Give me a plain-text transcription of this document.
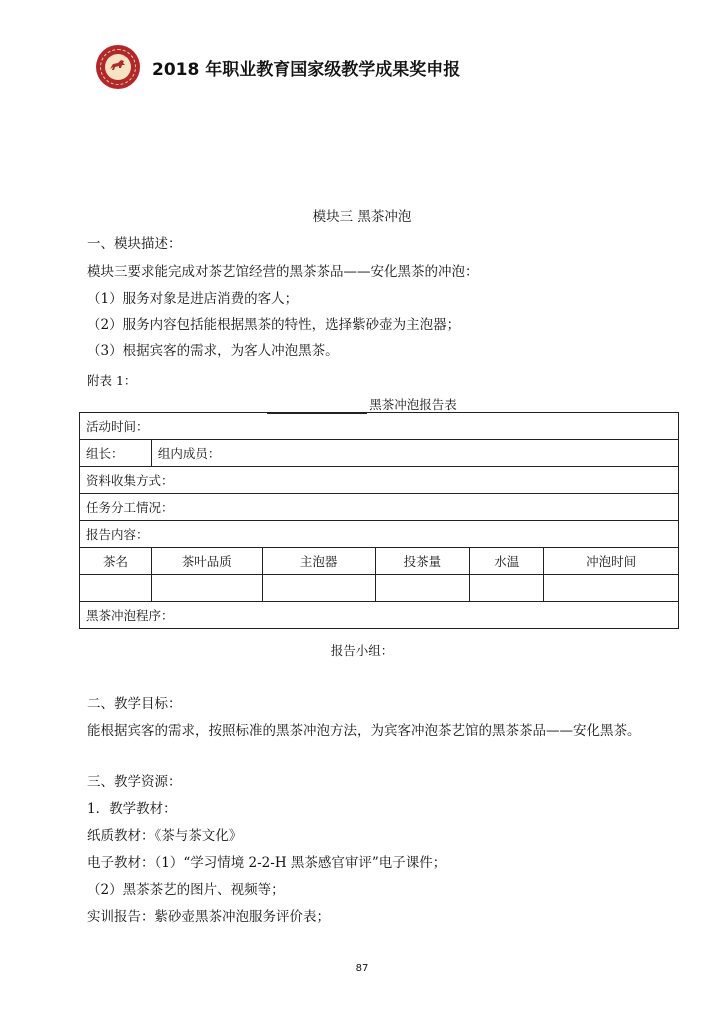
2018 年职业教育国家级教学成果奖申报
模块三 黑茶冲泡
一、模块描述：
模块三要求能完成对茶艺馆经营的黑茶茶品——安化黑茶的冲泡：
（1）服务对象是进店消费的客人；
（2）服务内容包括能根据黑茶的特性，选择紫砂壶为主泡器；
（3）根据宾客的需求，为客人冲泡黑茶。
附表 1：
黑茶冲泡报告表
活动时间：					
组长：	组内成员：				
资料收集方式：					
任务分工情况：					
报告内容：					
茶名	茶叶品质	主泡器	投茶量	水温	冲泡时间

黑茶冲泡程序：					
报告小组：
二、教学目标：
能根据宾客的需求，按照标准的黑茶冲泡方法，为宾客冲泡茶艺馆的黑茶茶品——安化黑茶。
三、教学资源：
1．教学教材：
纸质教材：《茶与茶文化》
电子教材：（1）“学习情境 2-2-H 黑茶感官审评”电子课件；
（2）黑茶茶艺的图片、视频等；
实训报告：紫砂壶黑茶冲泡服务评价表；
87
